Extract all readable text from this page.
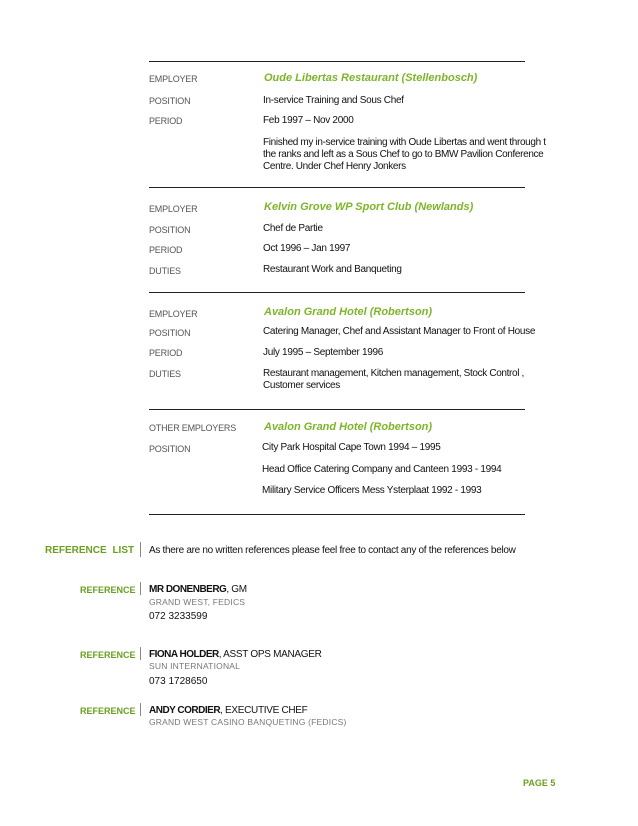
EMPLOYER	Oude Libertas Restaurant (Stellenbosch)
POSITION	In-service Training and Sous Chef
PERIOD	Feb 1997 – Nov 2000
Finished my in-service training with Oude Libertas and went through t
the ranks and left as a Sous Chef to go to BMW Pavilion Conference
Centre. Under Chef Henry Jonkers
EMPLOYER	Kelvin Grove WP Sport Club (Newlands)
POSITION	Chef de Partie
PERIOD	Oct 1996 – Jan 1997
DUTIES	Restaurant Work and Banqueting
EMPLOYER	Avalon Grand Hotel (Robertson)
POSITION	Catering Manager, Chef and Assistant Manager to Front of House
PERIOD	July 1995 – September 1996
DUTIES	Restaurant management, Kitchen management, Stock Control ,
Customer services
OTHER EMPLOYERS	Avalon Grand Hotel (Robertson)
POSITION	City Park Hospital Cape Town 1994 – 1995
Head Office Catering Company and Canteen 1993 - 1994
Military Service Officers Mess Ysterplaat 1992 - 1993
REFERENCE LIST As there are no written references please feel free to contact any of the references below
REFERENCE MR DONENBERG, GM
GRAND WEST, FEDICS
072 3233599
REFERENCE FIONA HOLDER, ASST OPS MANAGER
SUN INTERNATIONAL
073 1728650
REFERENCE ANDY CORDIER, EXECUTIVE CHEF
GRAND WEST CASINO BANQUETING (FEDICS)
PAGE 5
